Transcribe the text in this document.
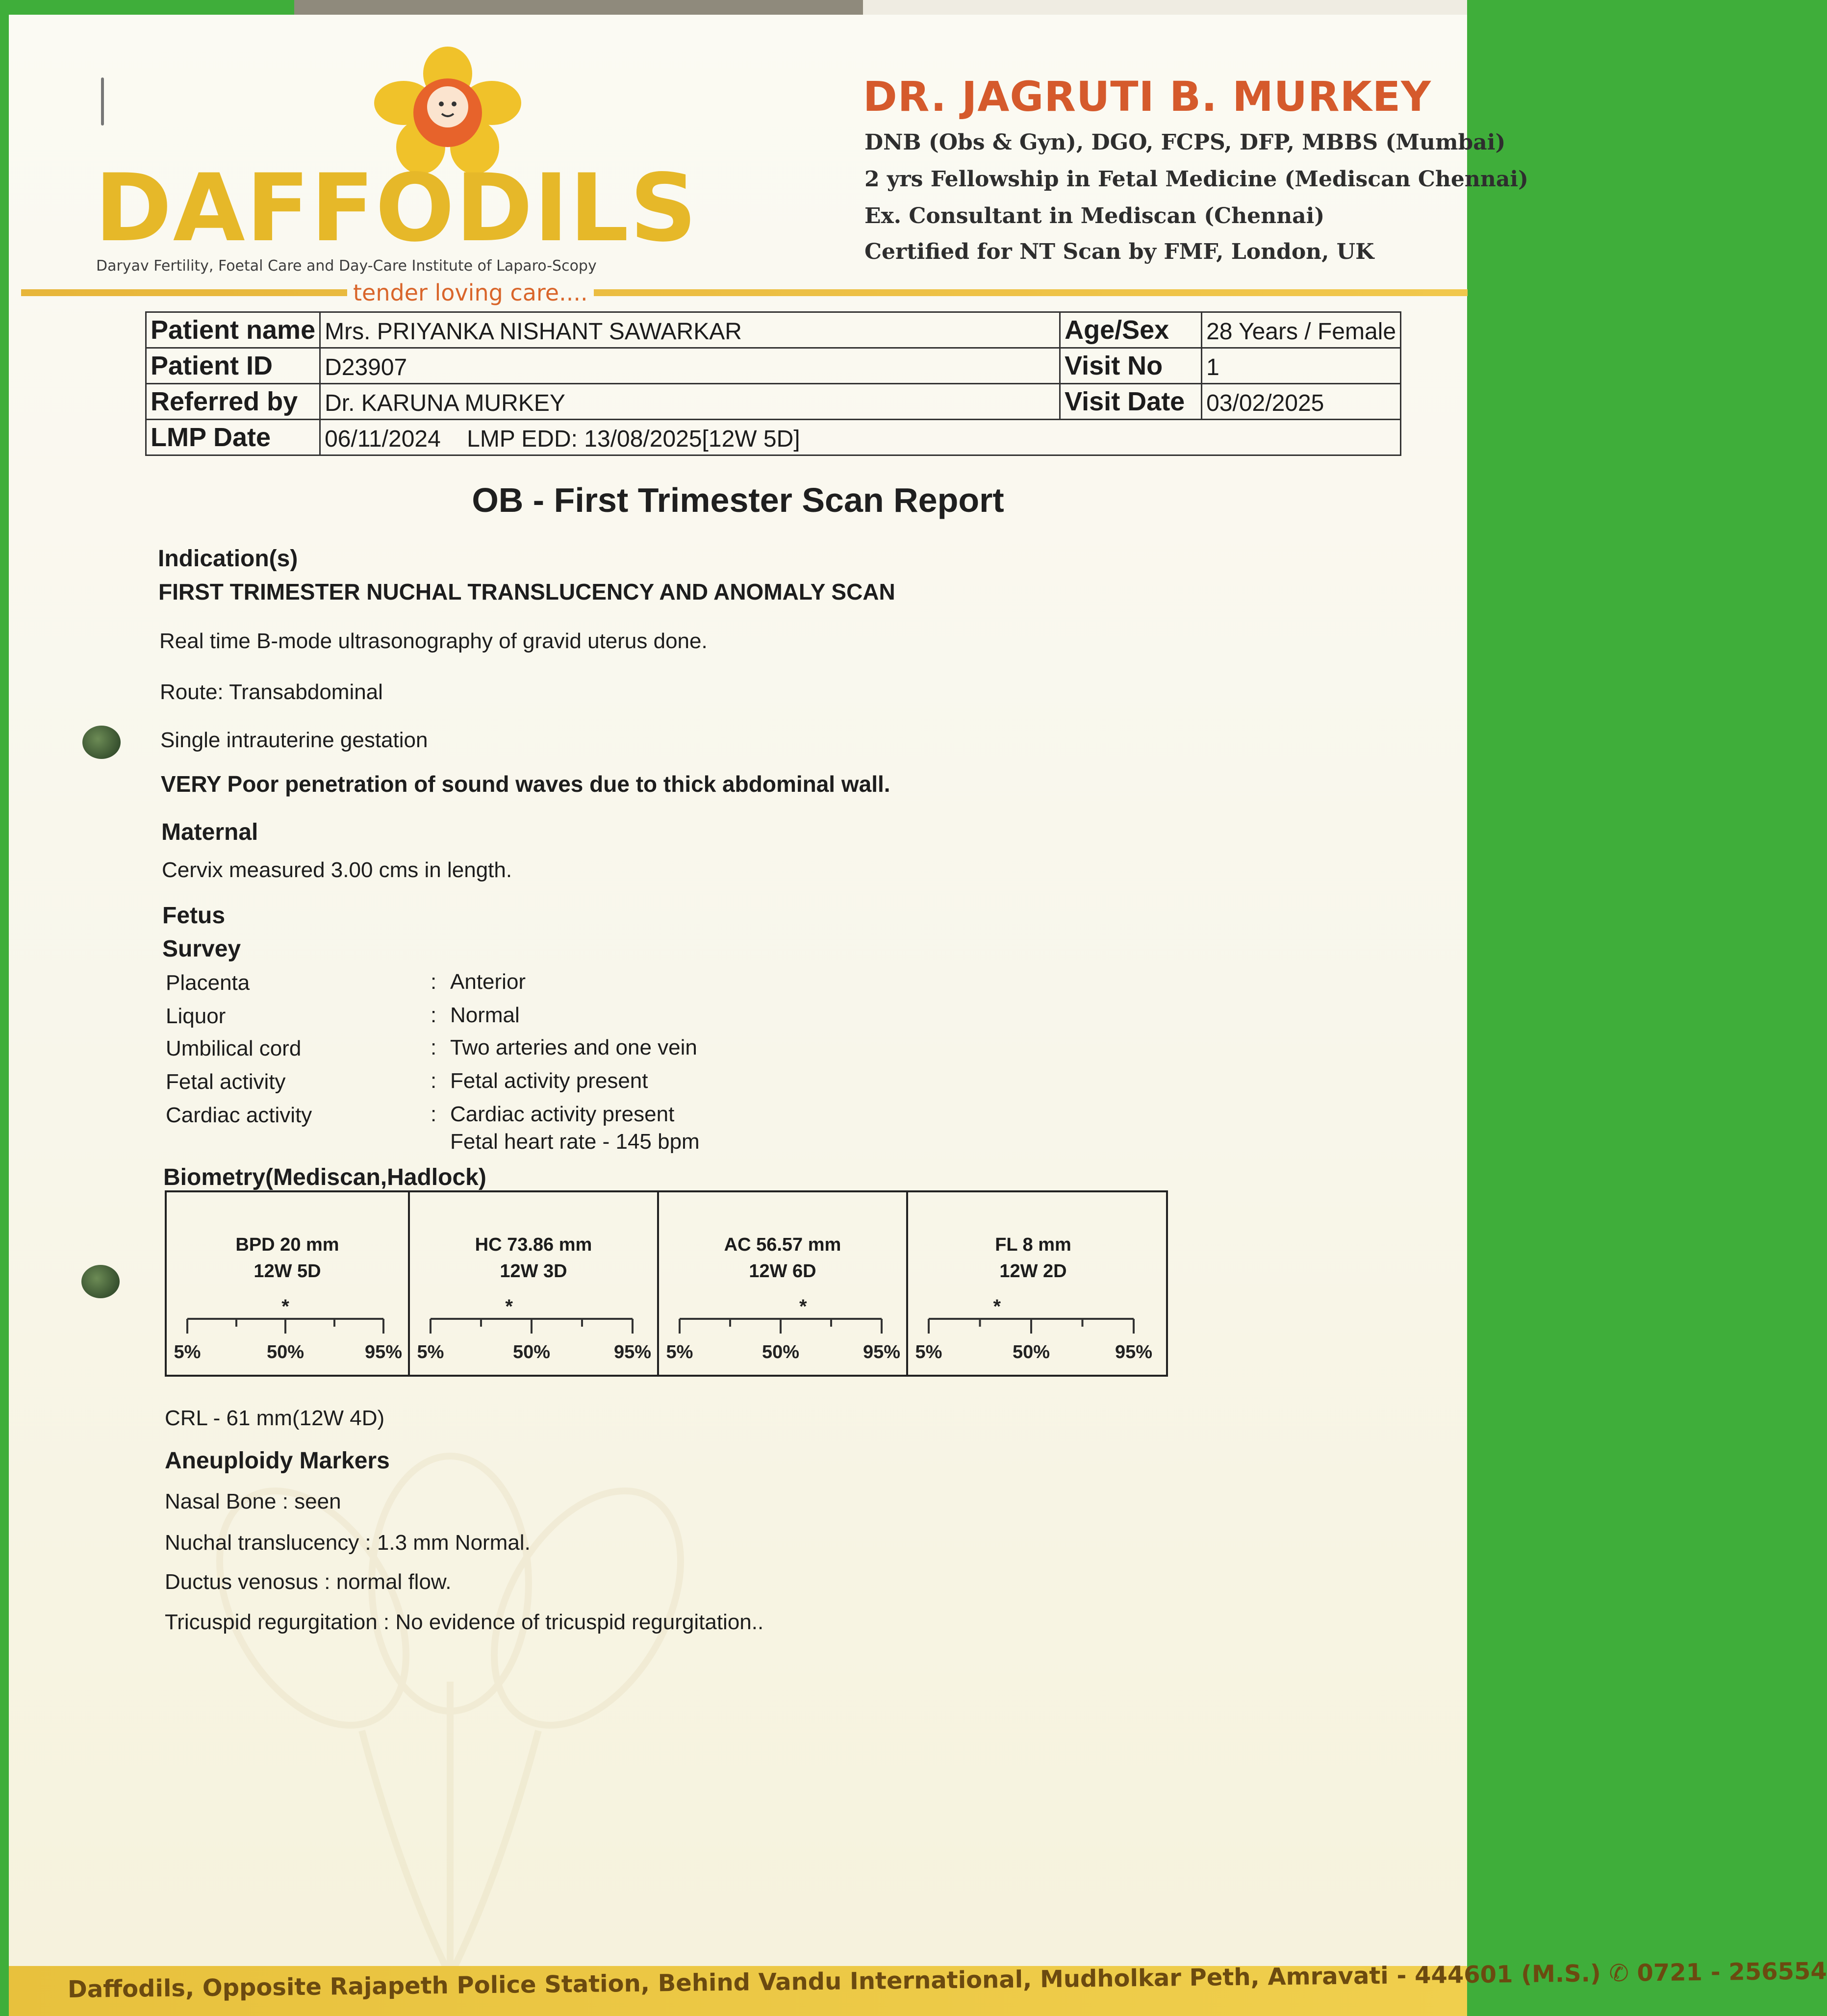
DAFFODILS
Daryav Fertility, Foetal Care and Day-Care Institute of Laparo-Scopy
tender loving care....
DR. JAGRUTI B. MURKEY
DNB (Obs & Gyn), DGO, FCPS, DFP, MBBS (Mumbai)
2 yrs Fellowship in Fetal Medicine (Mediscan Chennai)
Ex. Consultant in Mediscan (Chennai)
Certified for NT Scan by FMF, London, UK
Patient name	Mrs. PRIYANKA NISHANT SAWARKAR	Age/Sex	28 Years / Female
Patient ID	D23907	Visit No	1
Referred by	Dr. KARUNA MURKEY	Visit Date	03/02/2025
LMP Date	06/11/2024 LMP EDD: 13/08/2025[12W 5D]		
OB - First Trimester Scan Report
Indication(s)
FIRST TRIMESTER NUCHAL TRANSLUCENCY AND ANOMALY SCAN
Real time B-mode ultrasonography of gravid uterus done.
Route: Transabdominal
Single intrauterine gestation
VERY Poor penetration of sound waves due to thick abdominal wall.
Maternal
Cervix measured 3.00 cms in length.
Fetus
Survey
Placenta	: Anterior
Liquor	: Normal
Umbilical cord	: Two arteries and one vein
Fetal activity	: Fetal activity present
Cardiac activity	: Cardiac activity present
Fetal heart rate - 145 bpm
Biometry(Mediscan,Hadlock)
BPD 20 mm
12W 5D
5%	50%	95%
*
HC 73.86 mm
12W 3D
5%	50%	95%
*
AC 56.57 mm
12W 6D
5%	50%	95%
*
FL 8 mm
12W 2D
5%	50%	95%
*
CRL - 61 mm(12W 4D)
Aneuploidy Markers
Nasal Bone : seen
Nuchal translucency : 1.3 mm Normal.
Ductus venosus : normal flow.
Tricuspid regurgitation : No evidence of tricuspid regurgitation..
Daffodils, Opposite Rajapeth Police Station, Behind Vandu International, Mudholkar Peth, Amravati - 444601 (M.S.) ✆ 0721 - 256554
